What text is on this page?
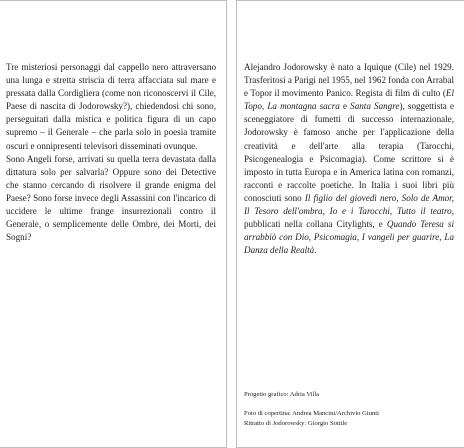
Tre misteriosi personaggi dal cappello nero attraversano una lunga e stretta striscia di terra affacciata sul mare e pressata dalla Cordigliera (come non riconoscervi il Cile, Paese di nascita di Jodorowsky?), chiedendosi chi sono, perseguitati dalla mistica e politica figura di un capo supremo – il Generale – che parla solo in poesia tramite oscuri e onnipresenti televisori disseminati ovunque.

Sono Angeli forse, arrivati su quella terra devastata dalla dittatura solo per salvarla? Oppure sono dei Detective che stanno cercando di risolvere il grande enigma del Paese? Sono forse invece degli Assassini con l'incarico di uccidere le ultime frange insurrezionali contro il Generale, o semplicemente delle Ombre, dei Morti, dei Sogni?

Alejandro Jodorowsky è nato a Iquique (Cile) nel 1929. Trasferitosi a Parigi nel 1955, nel 1962 fonda con Arrabal e Topor il movimento Panico. Regista di film di culto (El Topo, La montagna sacra e Santa Sangre), soggettista e sceneggiatore di fumetti di successo internazionale, Jodorowsky è famoso anche per l'applicazione della creatività e dell'arte alla terapia (Tarocchi, Psicogenealogia e Psicomagia). Come scrittore si è imposto in tutta Europa e in America latina con romanzi, racconti e raccolte poetiche. In Italia i suoi libri più conosciuti sono Il figlio del giovedì nero, Solo de Amor, Il Tesoro dell'ombra, Io e i Tarocchi, Tutto il teatro, pubblicati nella collana Citylights, e Quando Teresa si arrabbiò con Dio, Psicomagia, I vangeli per guarire, La Danza della Realtà.

Progetto grafico: Adria Villa
Foto di copertina: Andrea Mancini/Archivio Giunti
Ritratto di Jodorowsky: Giorgio Sottile
